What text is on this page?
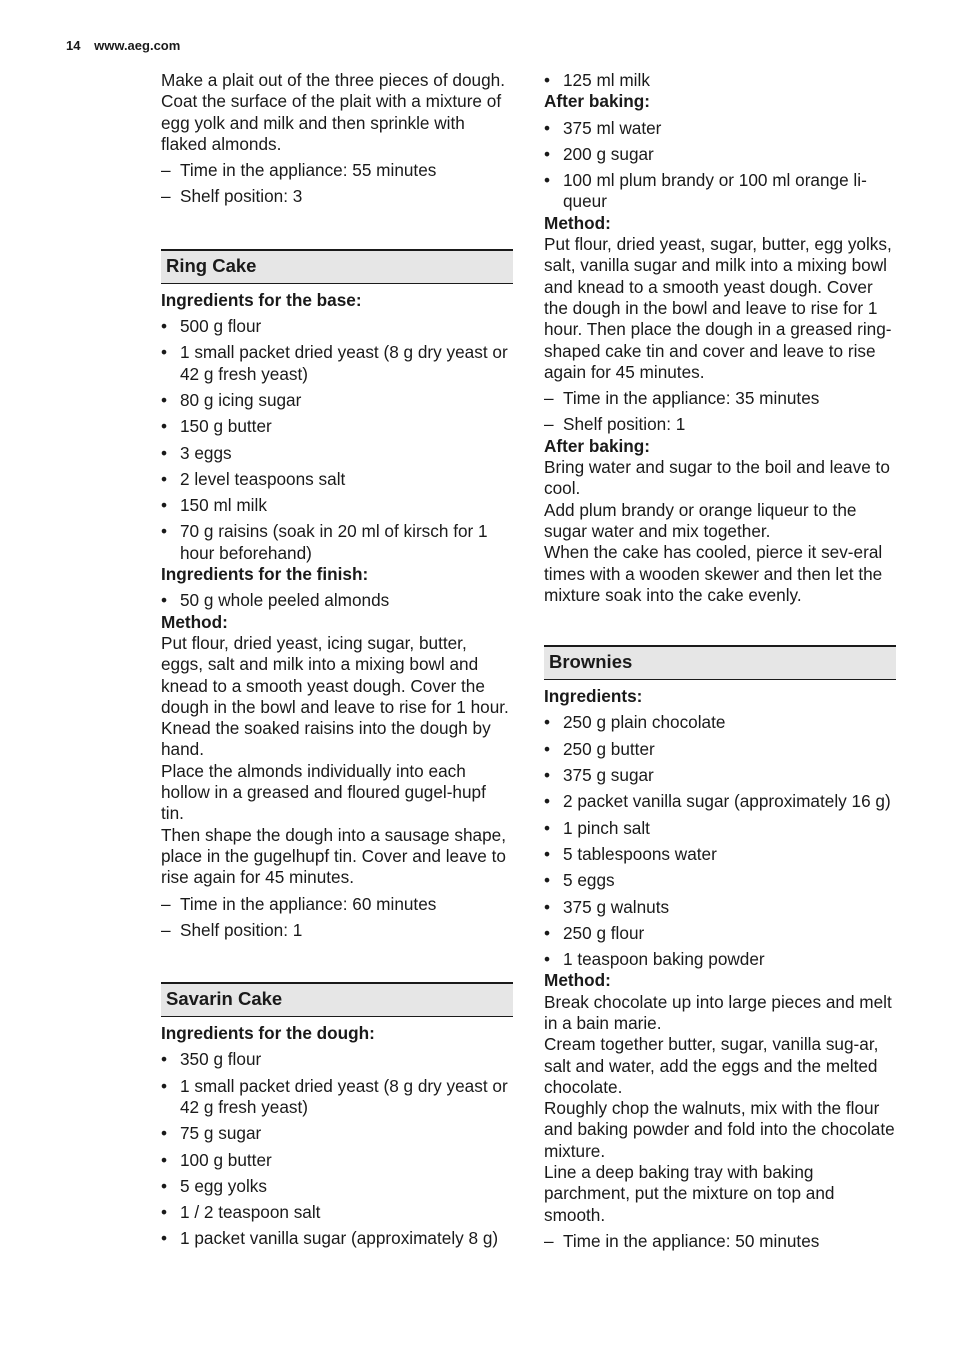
14 www.aeg.com

Make a plait out of the three pieces of dough. Coat the surface of the plait with a mixture of egg yolk and milk and then sprinkle with flaked almonds.

– Time in the appliance: 55 minutes
– Shelf position: 3
Ring Cake

Ingredients for the base:

• 500 g flour
• 1 small packet dried yeast (8 g dry yeast or 42 g fresh yeast)
• 80 g icing sugar
• 150 g butter
• 3 eggs
• 2 level teaspoons salt
• 150 ml milk
• 70 g raisins (soak in 20 ml of kirsch for 1 hour beforehand)

Ingredients for the finish:

• 50 g whole peeled almonds

Method:

Put flour, dried yeast, icing sugar, butter, eggs, salt and milk into a mixing bowl and knead to a smooth yeast dough. Cover the dough in the bowl and leave to rise for 1 hour.

Knead the soaked raisins into the dough by hand.

Place the almonds individually into each hollow in a greased and floured gugel-hupf tin.

Then shape the dough into a sausage shape, place in the gugelhupf tin. Cover and leave to rise again for 45 minutes.

– Time in the appliance: 60 minutes
– Shelf position: 1
Savarin Cake

Ingredients for the dough:

• 350 g flour
• 1 small packet dried yeast (8 g dry yeast or 42 g fresh yeast)
• 75 g sugar
• 100 g butter
• 5 egg yolks
• 1 / 2 teaspoon salt
• 1 packet vanilla sugar (approximately 8 g)
• 125 ml milk

After baking:

• 375 ml water
• 200 g sugar
• 100 ml plum brandy or 100 ml orange li-queur

Method:

Put flour, dried yeast, sugar, butter, egg yolks, salt, vanilla sugar and milk into a mixing bowl and knead to a smooth yeast dough. Cover the dough in the bowl and leave to rise for 1 hour. Then place the dough in a greased ring-shaped cake tin and cover and leave to rise again for 45 minutes.

– Time in the appliance: 35 minutes
– Shelf position: 1

After baking:

Bring water and sugar to the boil and leave to cool.

Add plum brandy or orange liqueur to the sugar water and mix together.

When the cake has cooled, pierce it sev-eral times with a wooden skewer and then let the mixture soak into the cake evenly.

Brownies

Ingredients:

• 250 g plain chocolate
• 250 g butter
• 375 g sugar
• 2 packet vanilla sugar (approximately 16 g)
• 1 pinch salt
• 5 tablespoons water
• 5 eggs
• 375 g walnuts
• 250 g flour
• 1 teaspoon baking powder

Method:

Break chocolate up into large pieces and melt in a bain marie.

Cream together butter, sugar, vanilla sug-ar, salt and water, add the eggs and the melted chocolate.

Roughly chop the walnuts, mix with the flour and baking powder and fold into the chocolate mixture.

Line a deep baking tray with baking parchment, put the mixture on top and smooth.

– Time in the appliance: 50 minutes
